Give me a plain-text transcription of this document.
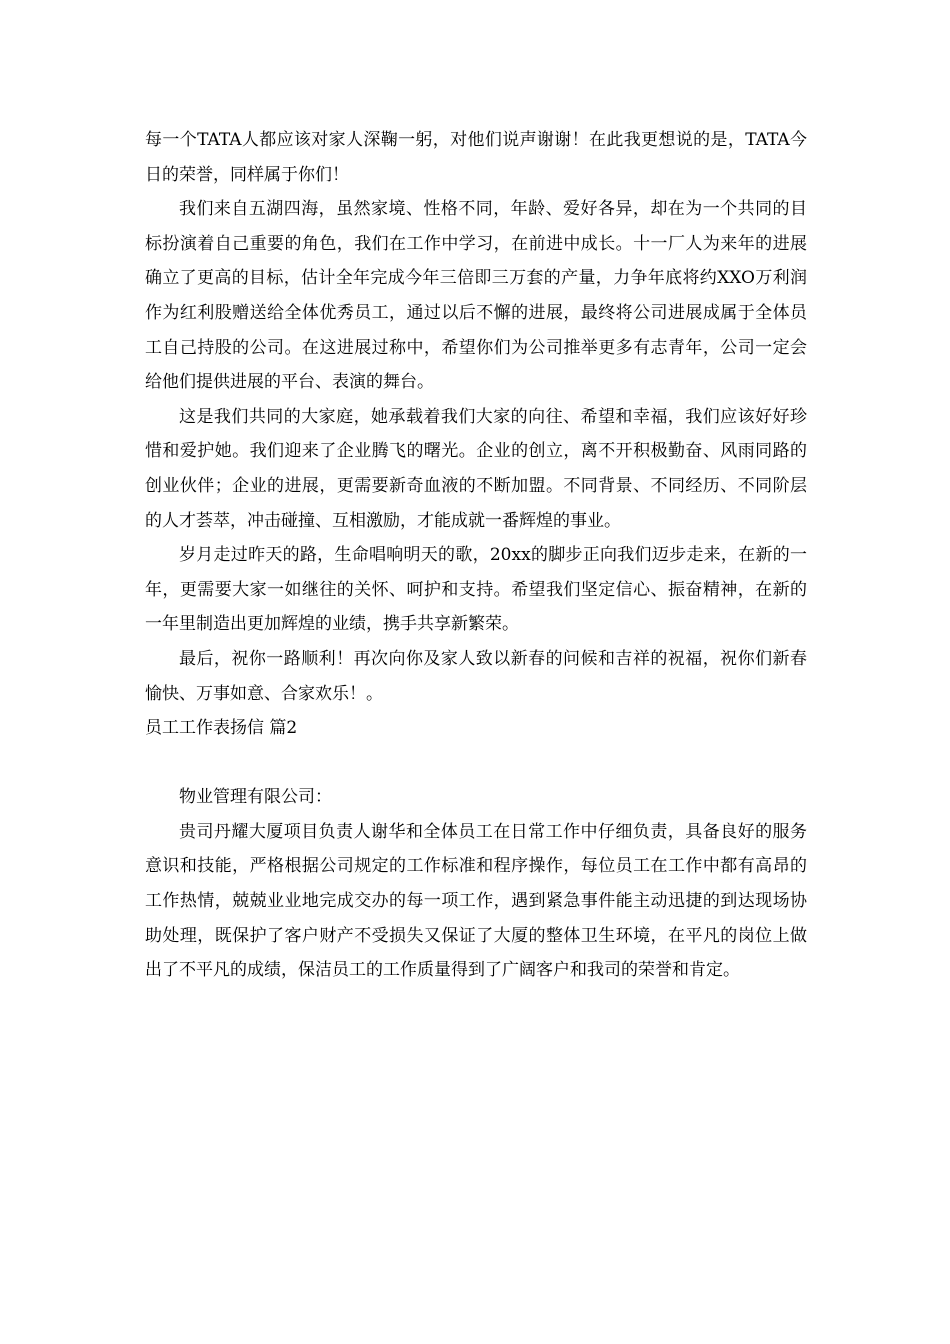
每一个TATA人都应该对家人深鞠一躬，对他们说声谢谢！在此我更想说的是，TATA今日的荣誉，同样属于你们！

我们来自五湖四海，虽然家境、性格不同，年龄、爱好各异，却在为一个共同的目标扮演着自己重要的角色，我们在工作中学习，在前进中成长。十一厂人为来年的进展确立了更高的目标，估计全年完成今年三倍即三万套的产量，力争年底将约XXO万利润作为红利股赠送给全体优秀员工，通过以后不懈的进展，最终将公司进展成属于全体员工自己持股的公司。在这进展过称中，希望你们为公司推举更多有志青年，公司一定会给他们提供进展的平台、表演的舞台。

这是我们共同的大家庭，她承载着我们大家的向往、希望和幸福，我们应该好好珍惜和爱护她。我们迎来了企业腾飞的曙光。企业的创立，离不开积极勤奋、风雨同路的创业伙伴；企业的进展，更需要新奇血液的不断加盟。不同背景、不同经历、不同阶层的人才荟萃，冲击碰撞、互相激励，才能成就一番辉煌的事业。

岁月走过昨天的路，生命唱响明天的歌，20xx的脚步正向我们迈步走来，在新的一年，更需要大家一如继往的关怀、呵护和支持。希望我们坚定信心、振奋精神，在新的一年里制造出更加辉煌的业绩，携手共享新繁荣。

最后，祝你一路顺利！再次向你及家人致以新春的问候和吉祥的祝福，祝你们新春愉快、万事如意、合家欢乐！。

员工工作表扬信 篇2

物业管理有限公司：

贵司丹耀大厦项目负责人谢华和全体员工在日常工作中仔细负责，具备良好的服务意识和技能，严格根据公司规定的工作标准和程序操作，每位员工在工作中都有高昂的工作热情，兢兢业业地完成交办的每一项工作，遇到紧急事件能主动迅捷的到达现场协助处理，既保护了客户财产不受损失又保证了大厦的整体卫生环境，在平凡的岗位上做出了不平凡的成绩，保洁员工的工作质量得到了广阔客户和我司的荣誉和肯定。
